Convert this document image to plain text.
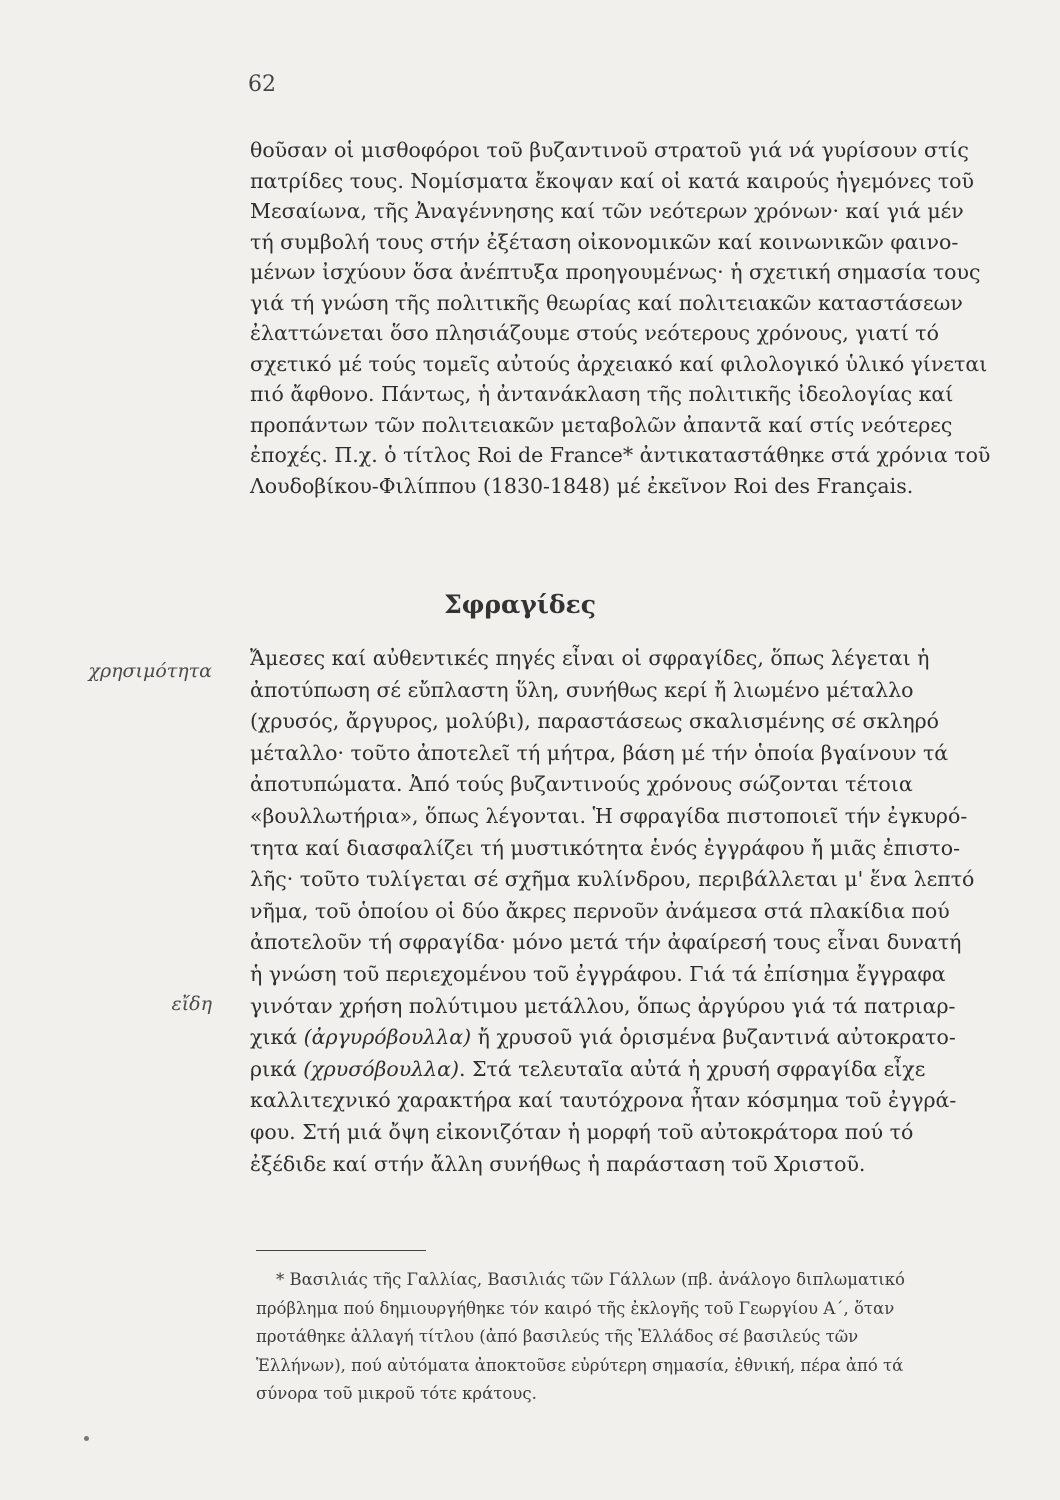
62
θοῦσαν οἱ μισθοφόροι τοῦ βυζαντινοῦ στρατοῦ γιά νά γυρίσουν στίς
πατρίδες τους. Νομίσματα ἔκοψαν καί οἱ κατά καιρούς ἡγεμόνες τοῦ
Μεσαίωνα, τῆς Ἀναγέννησης καί τῶν νεότερων χρόνων· καί γιά μέν
τή συμβολή τους στήν ἐξέταση οἰκονομικῶν καί κοινωνικῶν φαινο-
μένων ἰσχύουν ὅσα ἀνέπτυξα προηγουμένως· ἡ σχετική σημασία τους
γιά τή γνώση τῆς πολιτικῆς θεωρίας καί πολιτειακῶν καταστάσεων
ἐλαττώνεται ὅσο πλησιάζουμε στούς νεότερους χρόνους, γιατί τό
σχετικό μέ τούς τομεῖς αὐτούς ἀρχειακό καί φιλολογικό ὑλικό γίνεται
πιό ἄφθονο. Πάντως, ἡ ἀντανάκλαση τῆς πολιτικῆς ἰδεολογίας καί
προπάντων τῶν πολιτειακῶν μεταβολῶν ἀπαντᾶ καί στίς νεότερες
ἐποχές. Π.χ. ὁ τίτλος Roi de France* ἀντικαταστάθηκε στά χρόνια τοῦ
Λουδοβίκου-Φιλίππου (1830-1848) μέ ἐκεῖνον Roi des Français.
Σφραγίδες
χρησιμότητα
εἴδη
Ἄμεσες καί αὐθεντικές πηγές εἶναι οἱ σφραγίδες, ὅπως λέγεται ἡ
ἀποτύπωση σέ εὔπλαστη ὕλη, συνήθως κερί ἤ λιωμένο μέταλλο
(χρυσός, ἄργυρος, μολύβι), παραστάσεως σκαλισμένης σέ σκληρό
μέταλλο· τοῦτο ἀποτελεῖ τή μήτρα, βάση μέ τήν ὁποία βγαίνουν τά
ἀποτυπώματα. Ἀπό τούς βυζαντινούς χρόνους σώζονται τέτοια
«βουλλωτήρια», ὅπως λέγονται. Ἡ σφραγίδα πιστοποιεῖ τήν ἐγκυρό-
τητα καί διασφαλίζει τή μυστικότητα ἑνός ἐγγράφου ἤ μιᾶς ἐπιστο-
λῆς· τοῦτο τυλίγεται σέ σχῆμα κυλίνδρου, περιβάλλεται μ' ἕνα λεπτό
νῆμα, τοῦ ὁποίου οἱ δύο ἄκρες περνοῦν ἀνάμεσα στά πλακίδια πού
ἀποτελοῦν τή σφραγίδα· μόνο μετά τήν ἀφαίρεσή τους εἶναι δυνατή
ἡ γνώση τοῦ περιεχομένου τοῦ ἐγγράφου. Γιά τά ἐπίσημα ἔγγραφα
γινόταν χρήση πολύτιμου μετάλλου, ὅπως ἀργύρου γιά τά πατριαρ-
χικά (ἀργυρόβουλλα) ἤ χρυσοῦ γιά ὁρισμένα βυζαντινά αὐτοκρατο-
ρικά (χρυσόβουλλα). Στά τελευταῖα αὐτά ἡ χρυσή σφραγίδα εἶχε
καλλιτεχνικό χαρακτήρα καί ταυτόχρονα ἦταν κόσμημα τοῦ ἐγγρά-
φου. Στή μιά ὄψη εἰκονιζόταν ἡ μορφή τοῦ αὐτοκράτορα πού τό
ἐξέδιδε καί στήν ἄλλη συνήθως ἡ παράσταση τοῦ Χριστοῦ.
* Βασιλιάς τῆς Γαλλίας, Βασιλιάς τῶν Γάλλων (πβ. ἀνάλογο διπλωματικό
πρόβλημα πού δημιουργήθηκε τόν καιρό τῆς ἐκλογῆς τοῦ Γεωργίου Α΄, ὅταν
προτάθηκε ἀλλαγή τίτλου (ἀπό βασιλεύς τῆς Ἑλλάδος σέ βασιλεύς τῶν
Ἑλλήνων), πού αὐτόματα ἀποκτοῦσε εὐρύτερη σημασία, ἐθνική, πέρα ἀπό τά
σύνορα τοῦ μικροῦ τότε κράτους.
